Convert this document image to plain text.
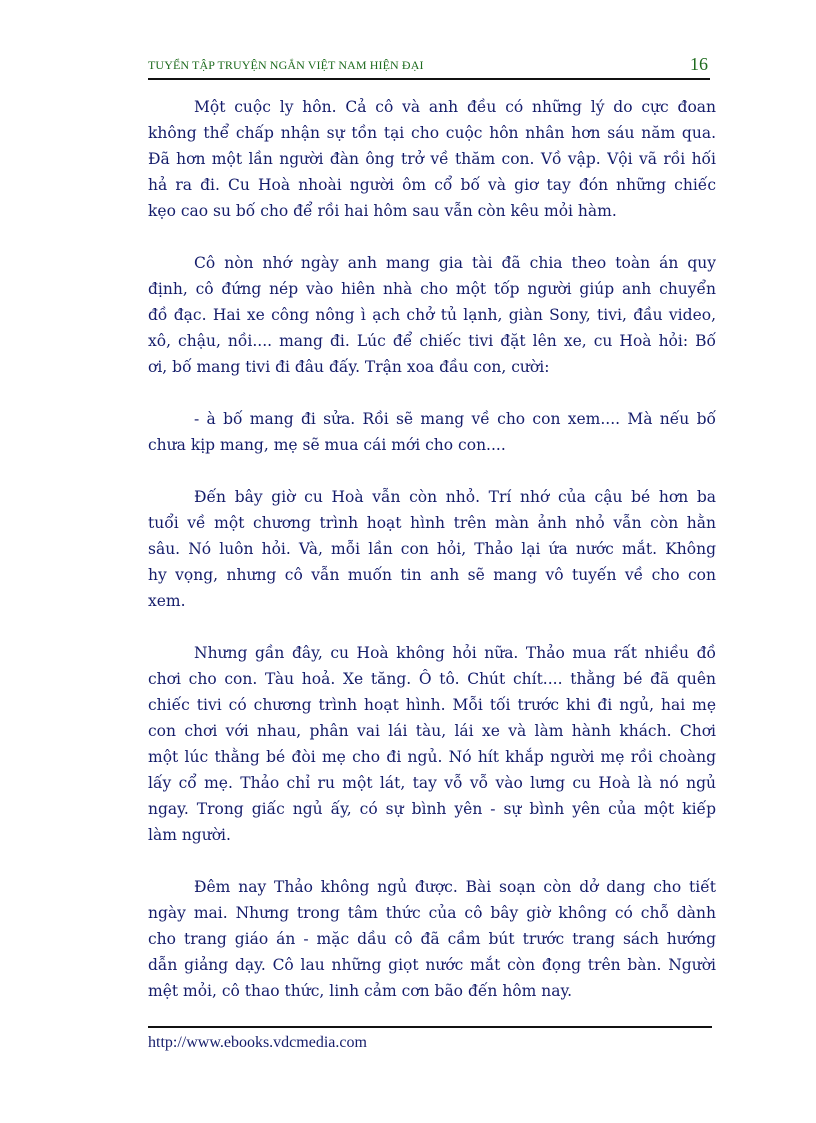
TUYỂN TẬP TRUYỆN NGẮN VIỆT NAM HIỆN ĐẠI	16

Một cuộc ly hôn. Cả cô và anh đều có những lý do cực đoan
không thể chấp nhận sự tồn tại cho cuộc hôn nhân hơn sáu năm qua.
Đã hơn một lần người đàn ông trở về thăm con. Vồ vập. Vội vã rồi hối
hả ra đi. Cu Hoà nhoài người ôm cổ bố và giơ tay đón những chiếc
kẹo cao su bố cho để rồi hai hôm sau vẫn còn kêu mỏi hàm.

Cô nòn nhớ ngày anh mang gia tài đã chia theo toàn án quy
định, cô đứng nép vào hiên nhà cho một tốp người giúp anh chuyển
đồ đạc. Hai xe công nông ì ạch chở tủ lạnh, giàn Sony, tivi, đầu video,
xô, chậu, nồi.... mang đi. Lúc để chiếc tivi đặt lên xe, cu Hoà hỏi: Bố
ơi, bố mang tivi đi đâu đấy. Trận xoa đầu con, cười:

- à bố mang đi sửa. Rồi sẽ mang về cho con xem.... Mà nếu bố
chưa kịp mang, mẹ sẽ mua cái mới cho con....

Đến bây giờ cu Hoà vẫn còn nhỏ. Trí nhớ của cậu bé hơn ba
tuổi về một chương trình hoạt hình trên màn ảnh nhỏ vẫn còn hằn
sâu. Nó luôn hỏi. Và, mỗi lần con hỏi, Thảo lại ứa nước mắt. Không
hy vọng, nhưng cô vẫn muốn tin anh sẽ mang vô tuyến về cho con
xem.

Nhưng gần đây, cu Hoà không hỏi nữa. Thảo mua rất nhiều đồ
chơi cho con. Tàu hoả. Xe tăng. Ô tô. Chút chít.... thằng bé đã quên
chiếc tivi có chương trình hoạt hình. Mỗi tối trước khi đi ngủ, hai mẹ
con chơi với nhau, phân vai lái tàu, lái xe và làm hành khách. Chơi
một lúc thằng bé đòi mẹ cho đi ngủ. Nó hít khắp người mẹ rồi choàng
lấy cổ mẹ. Thảo chỉ ru một lát, tay vỗ vỗ vào lưng cu Hoà là nó ngủ
ngay. Trong giấc ngủ ấy, có sự bình yên - sự bình yên của một kiếp
làm người.

Đêm nay Thảo không ngủ được. Bài soạn còn dở dang cho tiết
ngày mai. Nhưng trong tâm thức của cô bây giờ không có chỗ dành
cho trang giáo án - mặc dầu cô đã cầm bút trước trang sách hướng
dẫn giảng dạy. Cô lau những giọt nước mắt còn đọng trên bàn. Người
mệt mỏi, cô thao thức, linh cảm cơn bão đến hôm nay.

http://www.ebooks.vdcmedia.com
